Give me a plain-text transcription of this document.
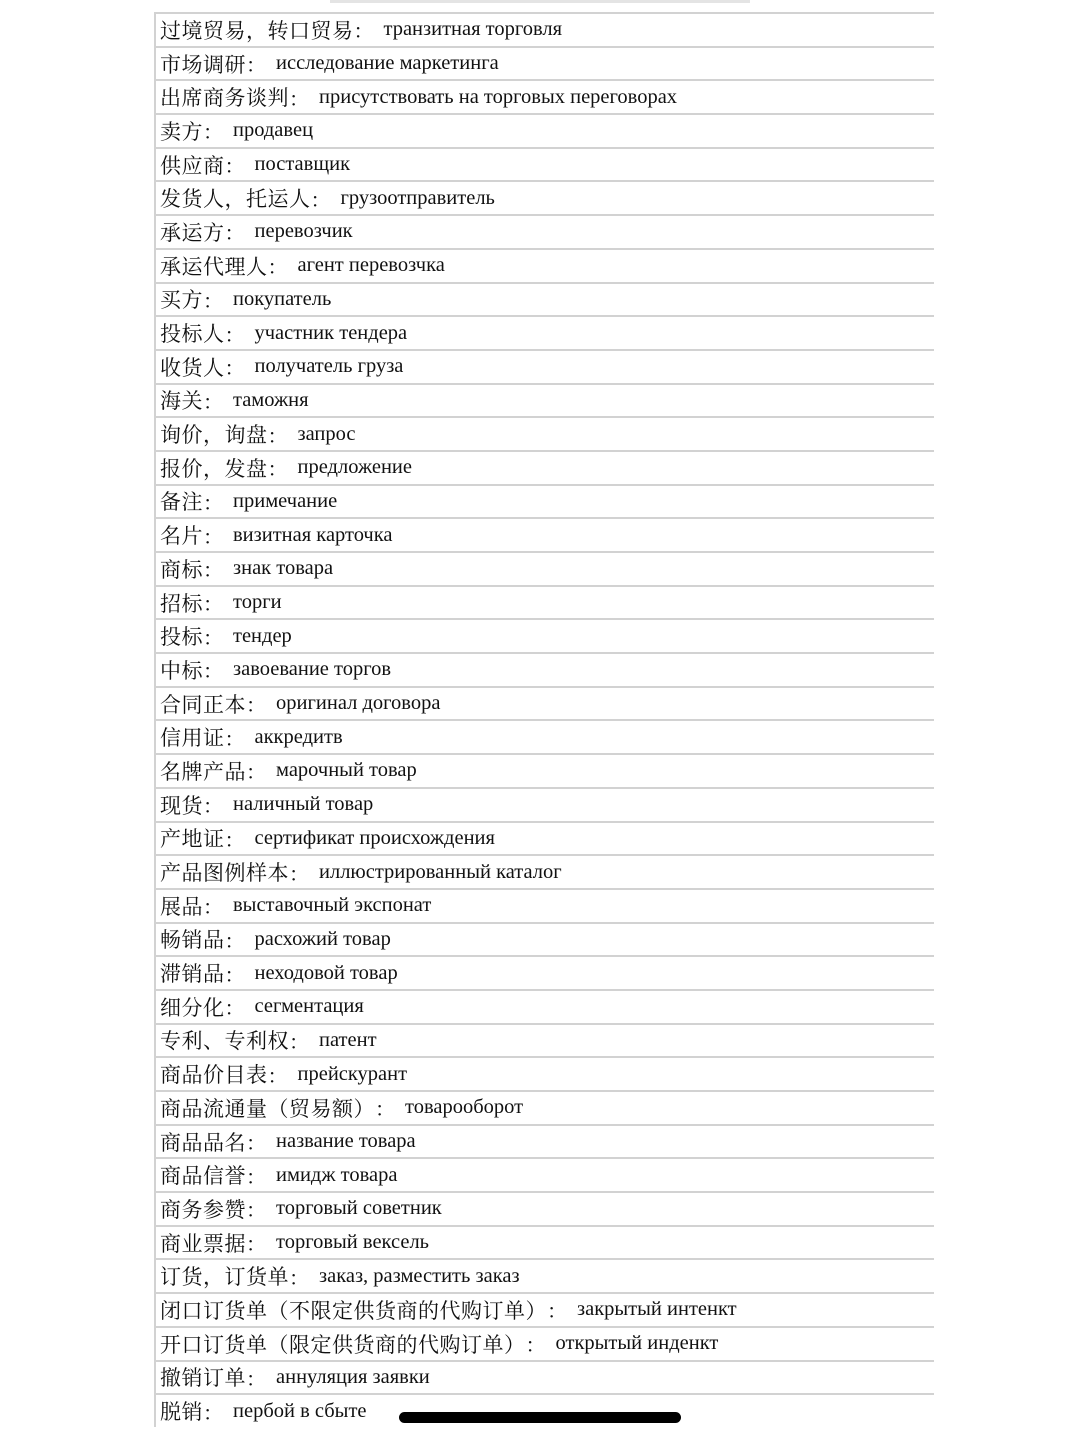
过境贸易，转口贸易 ： транзитная торговля
市场调研 ： исследование маркетинга
出席商务谈判 ： присутствовать на торговых переговорах
卖方 ： продавец
供应商 ： поставщик
发货人，托运人 ： грузоотправитель
承运方 ： перевозчик
承运代理人 ： агент перевозчка
买方 ： покупатель
投标人 ： участник тендера
收货人 ： получатель груза
海关 ： таможня
询价，询盘 ： запрос
报价，发盘 ： предложение
备注 ： примечание
名片 ： визитная карточка
商标 ： знак товара
招标 ： торги
投标 ： тендер
中标 ： завоевание торгов
合同正本 ： оригинал договора
信用证 ： аккредитв
名牌产品 ： марочный товар
现货 ： наличный товар
产地证 ： сертификат происхождения
产品图例样本 ： иллюстрированный каталог
展品 ： выставочный экспонат
畅销品 ： расхожий товар
滞销品 ： неходовой товар
细分化 ： сегментация
专利、专利权 ： патент
商品价目表 ： прейскурант
商品流通量（贸易额） ： товарооборот
商品品名 ： название товара
商品信誉 ： имидж товара
商务参赞 ： торговый советник
商业票据 ： торговый вексель
订货，订货单 ： заказ, разместить заказ
闭口订货单（不限定供货商的代购订单） ： закрытый интенкт
开口订货单（限定供货商的代购订单） ： открытый инденкт
撤销订单 ： аннуляция заявки
脱销 ： пербой в сбыте
